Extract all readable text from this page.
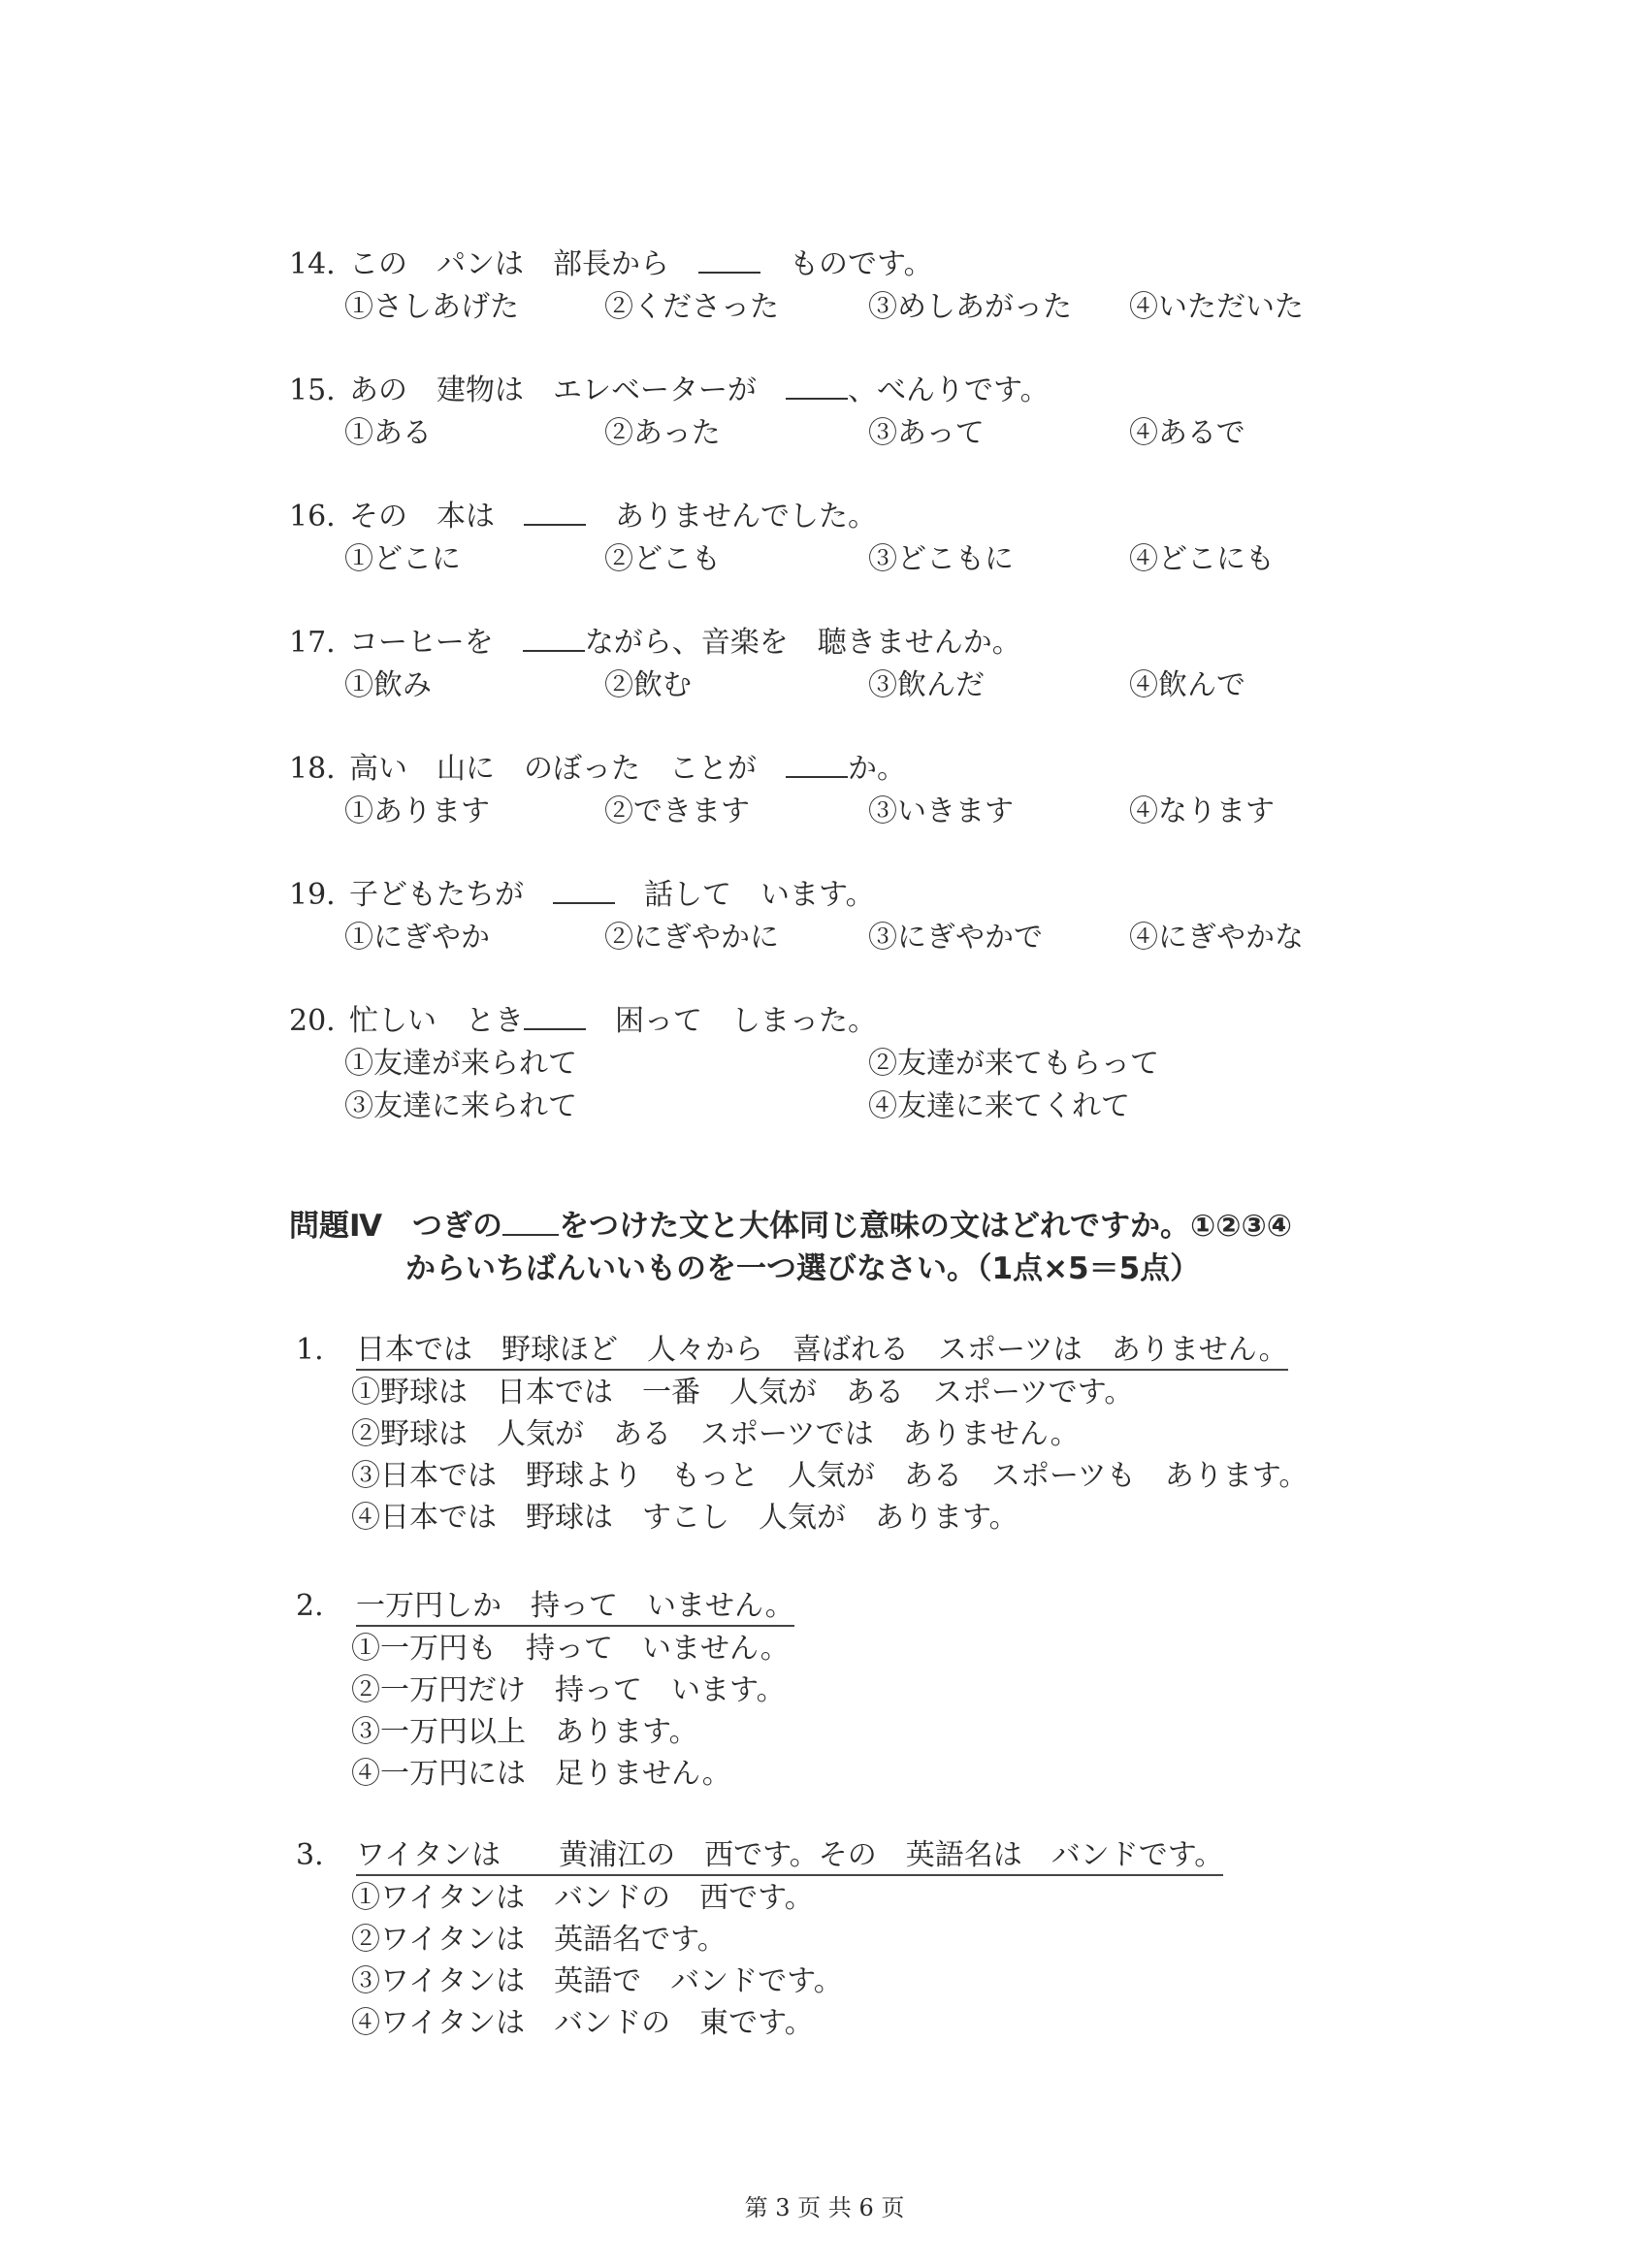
14. この　パンは　部長から　　	ものです。
①さしあげた	②くださった	③めしあがった ④いただいた
15. あの　建物は　エレベーターが　	、べんりです。
①ある	②あった	③あって	④あるで
16. その　本は　　	ありませんでした。
①どこに	②どこも	③どこもに	④どこにも
17. コーヒーを　	ながら、音楽を　聴きませんか。
①飲み	②飲む	③飲んだ	④飲んで
18. 高い　山に　のぼった　ことが　	か。
①あります	②できます	③いきます	④なります
19. 子どもたちが　　	話して　います。
①にぎやか	②にぎやかに	③にぎやかで	④にぎやかな
20. 忙しい　とき　	困って　しまった。
①友達が来られて	②友達が来てもらって
③友達に来られて	④友達に来てくれて
問題Ⅳ　つぎの をつけた文と大体同じ意味の文はどれですか。①②③④
からいちばんいいものを一つ選びなさい。（1点×5＝5点）
1. 日本では　野球ほど　人々から　喜ばれる　スポーツは　ありません。
①野球は　日本では　一番　人気が　ある　スポーツです。
②野球は　人気が　ある　スポーツでは　ありません。
③日本では　野球より　もっと　人気が　ある　スポーツも　あります。
④日本では　野球は　すこし　人気が　あります。
2. 一万円しか　持って　いません。
①一万円も　持って　いません。
②一万円だけ　持って　います。
③一万円以上　あります。
④一万円には　足りません。
3. ワイタンは　　黄浦江の　西です。その　英語名は　バンドです。
①ワイタンは　バンドの　西です。
②ワイタンは　英語名です。
③ワイタンは　英語で　バンドです。
④ワイタンは　バンドの　東です。
第 3 页 共 6 页
